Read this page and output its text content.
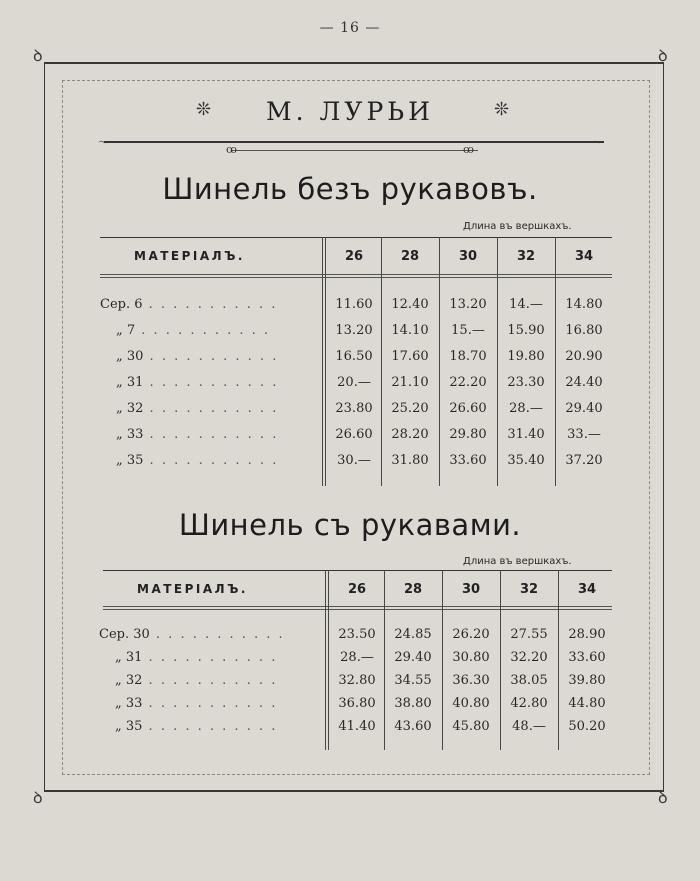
— 16 —
ꝺ	ꝺ
ꝺ	ꝺ
❊	М. ЛУРЬИ	❊
〜	〜
ꝏ	ꝏ
Шинель безъ рукавовъ.
Длина въ вершкахъ.
МАТЕРІАЛЪ.	26	28	30	32	34
Сер. 6 . . . . . . . . . . .	11.60	12.40	13.20	14.—	14.80
„ 7 . . . . . . . . . . .	13.20	14.10	15.—	15.90	16.80
„ 30 . . . . . . . . . . .	16.50	17.60	18.70	19.80	20.90
„ 31 . . . . . . . . . . .	20.—	21.10	22.20	23.30	24.40
„ 32 . . . . . . . . . . .	23.80	25.20	26.60	28.—	29.40
„ 33 . . . . . . . . . . .	26.60	28.20	29.80	31.40	33.—
„ 35 . . . . . . . . . . .	30.—	31.80	33.60	35.40	37.20
Шинель съ рукавами.
Длина въ вершкахъ.
МАТЕРІАЛЪ.	26	28	30	32	34
Сер. 30 . . . . . . . . . . .	23.50	24.85	26.20	27.55	28.90
„ 31 . . . . . . . . . . .	28.—	29.40	30.80	32.20	33.60
„ 32 . . . . . . . . . . .	32.80	34.55	36.30	38.05	39.80
„ 33 . . . . . . . . . . .	36.80	38.80	40.80	42.80	44.80
„ 35 . . . . . . . . . . .	41.40	43.60	45.80	48.—	50.20
